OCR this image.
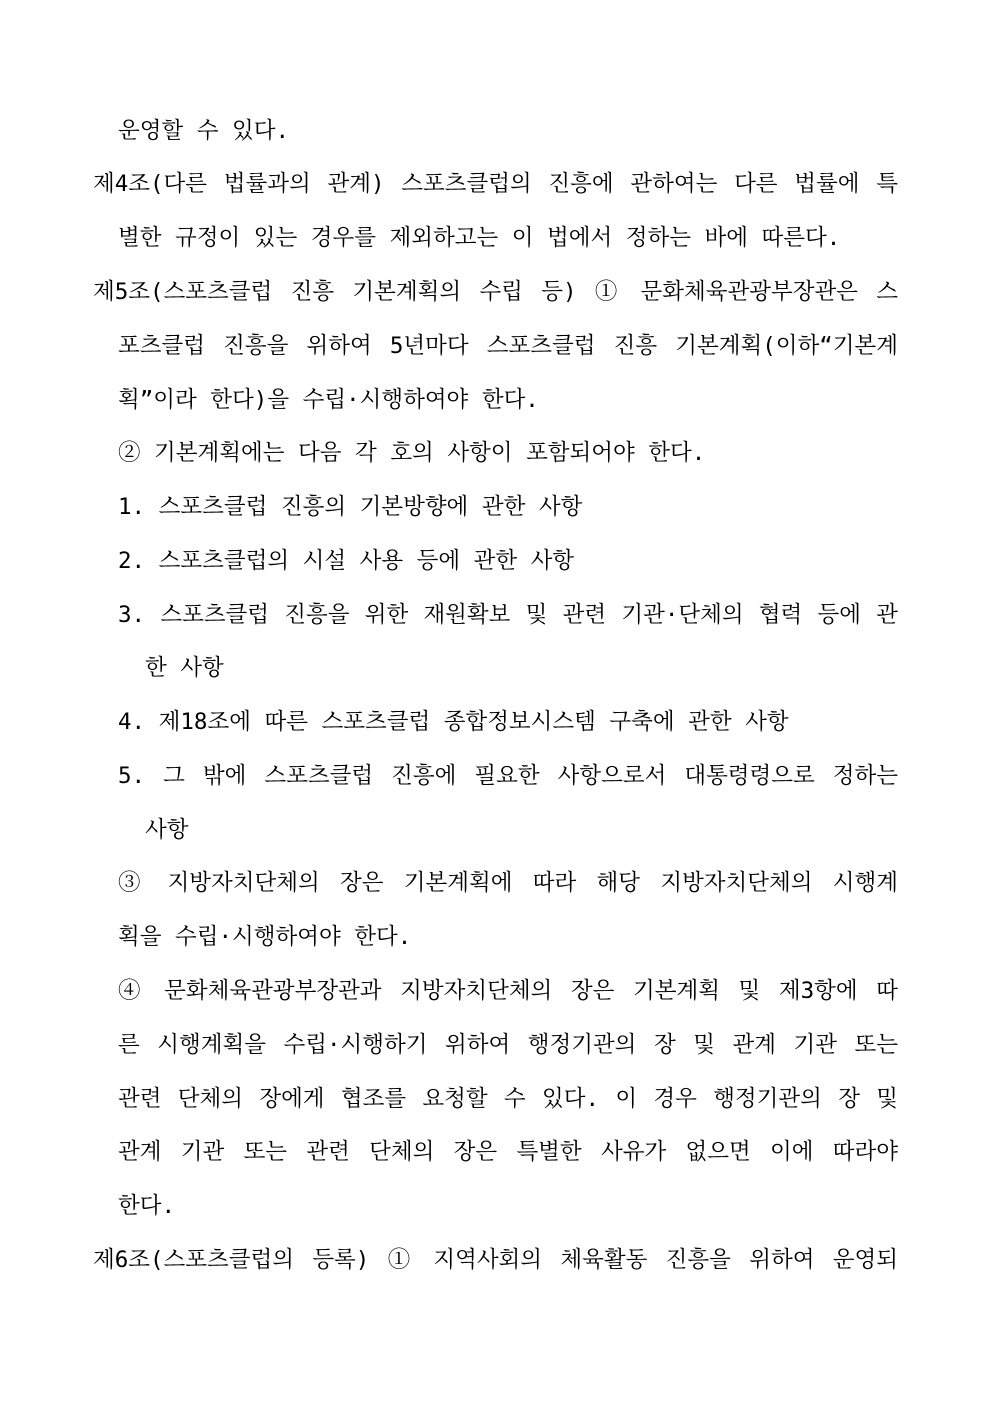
운영할 수 있다.
제4조(다른 법률과의 관계) 스포츠클럽의 진흥에 관하여는 다른 법률에 특
별한 규정이 있는 경우를 제외하고는 이 법에서 정하는 바에 따른다.
제5조(스포츠클럽 진흥 기본계획의 수립 등) ① 문화체육관광부장관은 스
포츠클럽 진흥을 위하여 5년마다 스포츠클럽 진흥 기본계획(이하“기본계
획”이라 한다)을 수립·시행하여야 한다.
② 기본계획에는 다음 각 호의 사항이 포함되어야 한다.
1. 스포츠클럽 진흥의 기본방향에 관한 사항
2. 스포츠클럽의 시설 사용 등에 관한 사항
3. 스포츠클럽 진흥을 위한 재원확보 및 관련 기관·단체의 협력 등에 관
한 사항
4. 제18조에 따른 스포츠클럽 종합정보시스템 구축에 관한 사항
5. 그 밖에 스포츠클럽 진흥에 필요한 사항으로서 대통령령으로 정하는
사항
③ 지방자치단체의 장은 기본계획에 따라 해당 지방자치단체의 시행계
획을 수립·시행하여야 한다.
④ 문화체육관광부장관과 지방자치단체의 장은 기본계획 및 제3항에 따
른 시행계획을 수립·시행하기 위하여 행정기관의 장 및 관계 기관 또는
관련 단체의 장에게 협조를 요청할 수 있다. 이 경우 행정기관의 장 및
관계 기관 또는 관련 단체의 장은 특별한 사유가 없으면 이에 따라야
한다.
제6조(스포츠클럽의 등록) ① 지역사회의 체육활동 진흥을 위하여 운영되
